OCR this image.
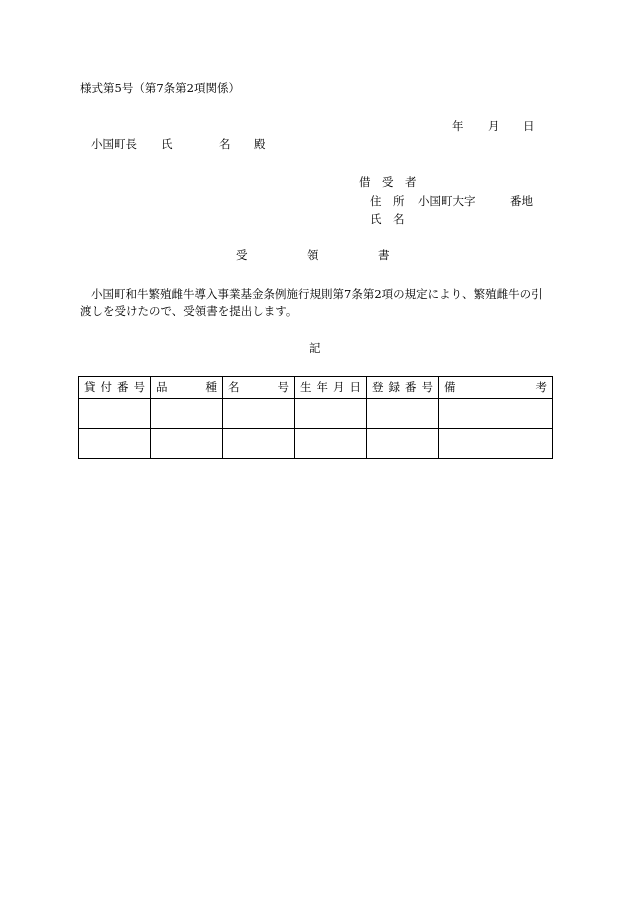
様式第5号（第7条第2項関係）
年 月 日
小国町長 氏	名 殿
借　受　者
住　所 小国町大字	番地
氏　名
受	領	書
小国町和牛繁殖雌牛導入事業基金条例施行規則第7条第2項の規定により、繁殖雌牛の引
渡しを受けたので、受領書を提出します。
記
貸 付 番 号	品 種	名 号	生 年 月 日	登 録 番 号	備 考
